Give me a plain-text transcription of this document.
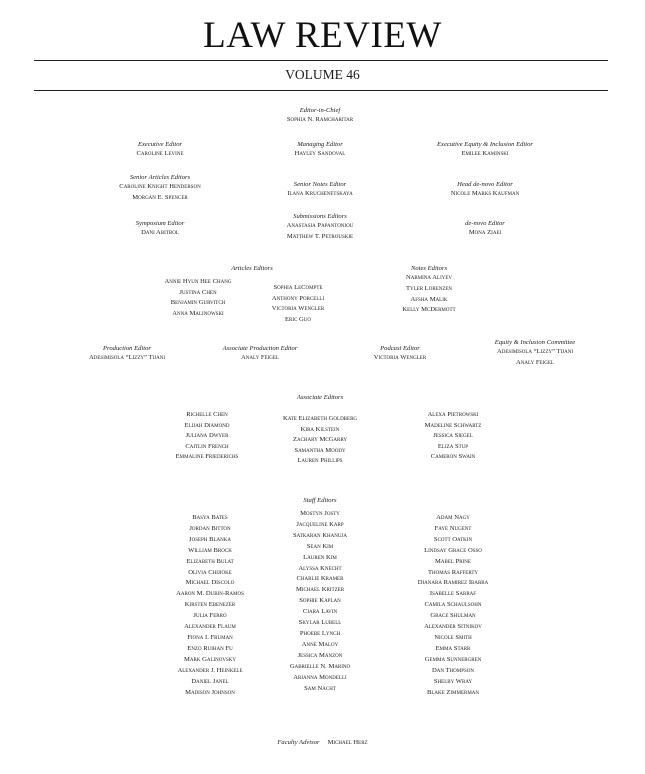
LAW REVIEW
VOLUME 46
Editor-in-Chief
Sophia N. Ramcharitar
Executive Editor
Caroline Levine
Managing Editor
Hayley Sandoval
Executive Equity & Inclusion Editor
Emilee Kaminski
Senior Articles Editors
Caroline Knight Henderson
Morgan E. Spencer
Senior Notes Editor
Ilana Kruchenetskaya
Head de-novo Editor
Nicole Marks Kaufman
Symposium Editor
Dani Abitbol
Submissions Editors
Anastasia Papantoniou
Matthew T. Petrouskie
de-novo Editor
Mona Ziaei
Articles Editors
Annie Hyun Hee Chang
Justina Chen
Benjamin Gurvitch
Anna Malinowski
Sophia LeCompte
Anthony Porcelli
Victoria Wengler
Eric Guo
Notes Editors
Narmina Aliyev
Tyler Lorenzen
Afsha Malik
Kelly McDermott
Production Editor
Adesimisola “Lizzy” Tijani
Associate Production Editor
Analy Feigel
Podcast Editor
Victoria Wengler
Equity & Inclusion Committee
Adesimisola “Lizzy” Tijani
Analy Feigel
Associate Editors
Richelle Chen
Elijah Diamond
Juliana Dwyer
Caitlin French
Emmaline Friederichs
Kate Elizabeth Goldberg
Kira Kilstein
Zachary McGarry
Samantha Moody
Lauren Phillips
Alexa Pietrowski
Madeline Schwartz
Jessica Siegel
Eliza Stup
Cameron Swain
Staff Editors
Basya Bates
Jordan Bitton
Joseph Blanka
William Brock
Elizabeth Bulat
Olivia Chijioke
Michael Discolo
Aaron M. Dubin-Ramos
Kirsten Ebenezer
Julia Ferro
Alexander Flaum
Fiona I. Fruman
Enzo Ruihan Fu
Mark Galinovsky
Alexander J. Heinkele
Daniel Janel
Madison Johnson
Mostyn Josty
Jacqueline Karp
Satkaran Khanuja
Sean Kim
Lauren Kim
Alyssa Knecht
Charlie Kramer
Michael Kritzer
Sophie Kaplan
Ciara Lavin
Skylar Lubell
Phoebe Lynch
Anne Maloy
Jessica Manzon
Gabrielle N. Marino
Arianna Mondelli
Sam Nacht
Adam Nagy
Faye Nugent
Scott Oatkin
Lindsay Grace Osso
Mabel Prine
Thomas Rafferty
Dianara Ramirez Ibarra
Isabelle Sarraf
Camila Schaulsohn
Grace Shulman
Alexander Sitnikov
Nicole Smith
Emma Starr
Gemma Sunnergren
Dan Thompson
Shelby Wray
Blake Zimmerman
Faculty Advisor Michael Herz
